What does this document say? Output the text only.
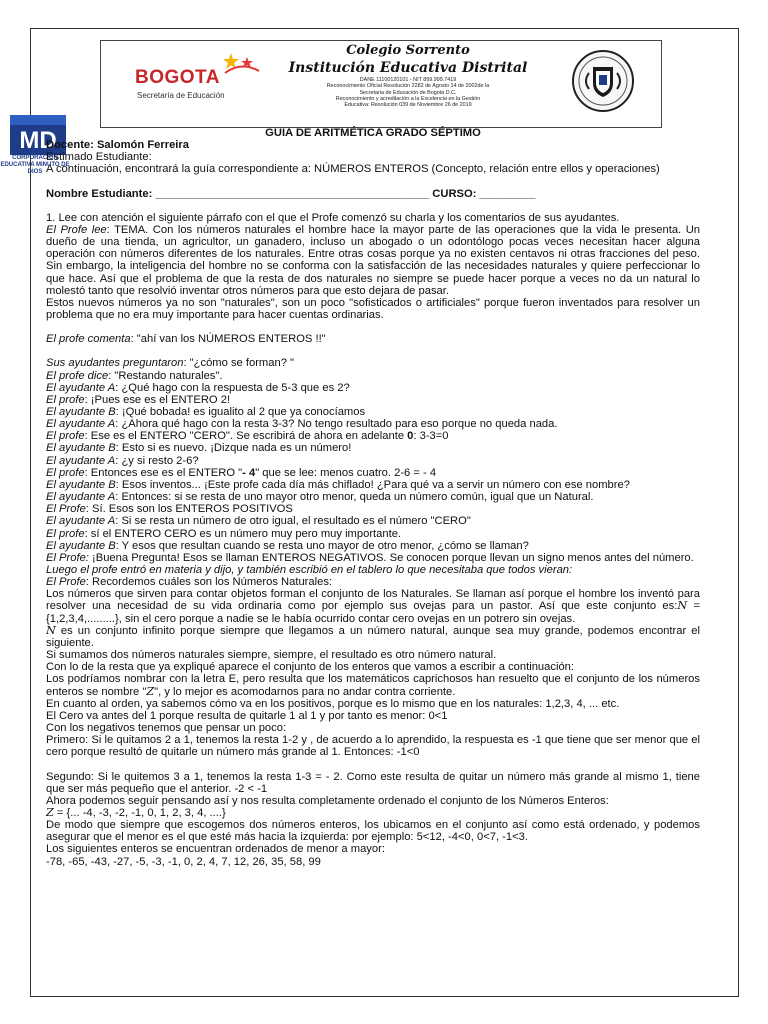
BOGOTA
Secretaría de Educación
Colegio Sorrento
Institución Educativa Distrital
DANE 11100120101 - NIT 899.999.7419
Reconocimiento Oficial Resolución 2282 de Agosto 14 de 2002de la
Secretaria de Educación de Bogotá D.C.
Reconocimiento y acreditación a la Excelencia en la Gestión
Educativa: Resolución 039 de Noviembre 26 de 2019
MD
CORPORACIÓN EDUCATIVA MINUTO DE DIOS

GUIA DE ARITMÉTICA GRADO SÉPTIMO

Docente: Salomón Ferreira

Estimado Estudiante:

A continuación, encontrará la guía correspondiente a: NÚMEROS ENTEROS (Concepto, relación entre ellos y operaciones)

Nombre Estudiante: ____________________________________________ CURSO: _________

1. Lee con atención el siguiente párrafo con el que el Profe comenzó su charla y los comentarios de sus ayudantes.

El Profe lee: TEMA. Con los números naturales el hombre hace la mayor parte de las operaciones que la vida le presenta. Un dueño de una tienda, un agricultor, un ganadero, incluso un abogado o un odontólogo pocas veces necesitan hacer alguna operación con números diferentes de los naturales. Entre otras cosas porque ya no existen centavos ni otras fracciones del peso. Sin embargo, la inteligencia del hombre no se conforma con la satisfacción de las necesidades naturales y quiere perfeccionar lo que hace. Así que el problema de que la resta de dos naturales no siempre se puede hacer porque a veces no da un natural lo molestó tanto que resolvió inventar otros números para que esto dejara de pasar.

Estos nuevos números ya no son "naturales", son un poco "sofisticados o artificiales" porque fueron inventados para resolver un problema que no era muy importante para hacer cuentas ordinarias.

El profe comenta: "ahí van los NÚMEROS ENTEROS !!"

Sus ayudantes preguntaron: "¿cómo se forman? "

El profe dice: "Restando naturales".

El ayudante A: ¿Qué hago con la respuesta de 5-3 que es 2?

El profe: ¡Pues ese es el ENTERO 2!

El ayudante B: ¡Qué bobada! es igualito al 2 que ya conocíamos

El ayudante A: ¿Ahora qué hago con la resta 3-3? No tengo resultado para eso porque no queda nada.

El profe: Ese es el ENTERO "CERO". Se escribirá de ahora en adelante 0: 3-3=0

El ayudante B: Esto si es nuevo. ¡Dizque nada es un número!

El ayudante A: ¿y si resto 2-6?

El profe: Entonces ese es el ENTERO "- 4" que se lee: menos cuatro. 2-6 = - 4

El ayudante B: Esos inventos... ¡Este profe cada día más chiflado! ¿Para qué va a servir un número con ese nombre?

El ayudante A: Entonces: si se resta de uno mayor otro menor, queda un número común, igual que un Natural.

El Profe: Sí. Esos son los ENTEROS POSITIVOS

El ayudante A: Si se resta un número de otro igual, el resultado es el número "CERO"

El profe: sí el ENTERO CERO es un número muy pero muy importante.

El ayudante B: Y esos que resultan cuando se resta uno mayor de otro menor, ¿cómo se llaman?

El Profe: ¡Buena Pregunta! Esos se llaman ENTEROS NEGATIVOS. Se conocen porque llevan un signo menos antes del número.

Luego el profe entró en materia y dijo, y también escribió en el tablero lo que necesitaba que todos vieran:

El Profe: Recordemos cuáles son los Números Naturales:

Los números que sirven para contar objetos forman el conjunto de los Naturales. Se llaman así porque el hombre los inventó para resolver una necesidad de su vida ordinaria como por ejemplo sus ovejas para un pastor. Así que este conjunto es:N = {1,2,3,4,.........}, sin el cero porque a nadie se le había ocurrido contar cero ovejas en un potrero sin ovejas.

N es un conjunto infinito porque siempre que llegamos a un número natural, aunque sea muy grande, podemos encontrar el siguiente.

Si sumamos dos números naturales siempre, siempre, el resultado es otro número natural.

Con lo de la resta que ya expliqué aparece el conjunto de los enteros que vamos a escribir a continuación:

Los podríamos nombrar con la letra E, pero resulta que los matemáticos caprichosos han resuelto que el conjunto de los números enteros se nombre "Z", y lo mejor es acomodarnos para no andar contra corriente.

En cuanto al orden, ya sabemos cómo va en los positivos, porque es lo mismo que en los naturales: 1,2,3, 4, ... etc.

El Cero va antes del 1 porque resulta de quitarle 1 al 1 y por tanto es menor: 0<1

Con los negativos tenemos que pensar un poco:

Primero: Si le quitamos 2 a 1, tenemos la resta 1-2 y , de acuerdo a lo aprendido, la respuesta es -1 que tiene que ser menor que el cero porque resultó de quitarle un número más grande al 1. Entonces: -1<0

Segundo: Si le quitemos 3 a 1, tenemos la resta 1-3 = - 2. Como este resulta de quitar un número más grande al mismo 1, tiene que ser más pequeño que el anterior. -2 < -1

Ahora podemos seguir pensando así y nos resulta completamente ordenado el conjunto de los Números Enteros:

Z = {... -4, -3, -2, -1, 0, 1, 2, 3, 4, ....}

De modo que siempre que escogemos dos números enteros, los ubicamos en el conjunto así como está ordenado, y podemos asegurar que el menor es el que esté más hacia la izquierda: por ejemplo: 5<12, -4<0, 0<7, -1<3.

Los siguientes enteros se encuentran ordenados de menor a mayor:

-78, -65, -43, -27, -5, -3, -1, 0, 2, 4, 7, 12, 26, 35, 58, 99
